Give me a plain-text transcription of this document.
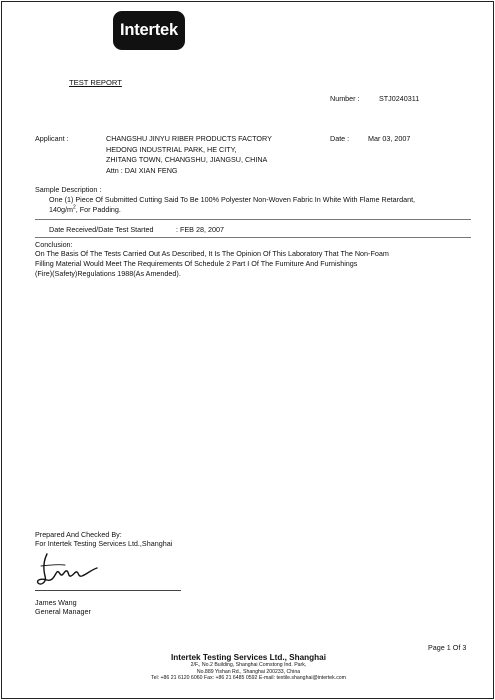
Intertek
TEST REPORT
Number :	STJ0240311
Applicant :	CHANGSHU JINYU RIBER PRODUCTS FACTORY
HEDONG INDUSTRIAL PARK, HE CITY,
ZHITANG TOWN, CHANGSHU, JIANGSU, CHINA
Attn : DAI XIAN FENG
Date :	Mar 03, 2007
Sample Description :
One (1) Piece Of Submitted Cutting Said To Be 100% Polyester Non-Woven Fabric In White With Flame Retardant,
$140g/m^2$, For Padding.
Date Received/Date Test Started	: FEB 28, 2007
Conclusion:
On The Basis Of The Tests Carried Out As Described, It Is The Opinion Of This Laboratory That The Non-Foam
Filling Material Would Meet The Requirements Of Schedule 2 Part I Of The Furniture And Furnishings
(Fire)(Safety)Regulations 1988(As Amended).
Prepared And Checked By:
For Intertek Testing Services Ltd.,Shanghai
James Wang
General Manager
Page 1 Of 3
Intertek Testing Services Ltd., Shanghai
2/F., No.2 Building, Shanghai Comstong Ind. Park,
No.889 Yishan Rd., Shanghai 200233, China
Tel: +86 21 6120 6060 Fax: +86 21 6485 0592 E-mail: textile.shanghai@intertek.com
